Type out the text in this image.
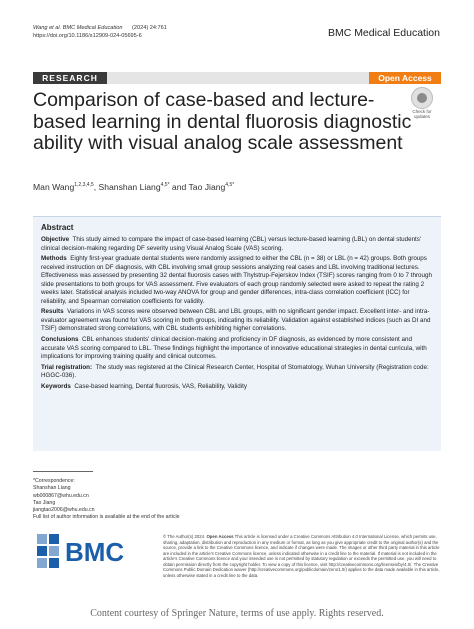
Wang et al. BMC Medical Education (2024) 24:761
https://doi.org/10.1186/s12909-024-05695-6	BMC Medical Education
RESEARCH	Open Access
Comparison of case-based and lecture-based learning in dental fluorosis diagnostic ability with visual analog scale assessment
Check for updates
Man Wang$^{1,2,3,4,5}$, Shanshan Liang$^{4,5*}$ and Tao Jiang$^{4,5*}$
Abstract

Objective This study aimed to compare the impact of case-based learning (CBL) versus lecture-based learning (LBL) on dental students' clinical decision-making regarding DF severity using Visual Analog Scale (VAS) scoring.

Methods Eighty first-year graduate dental students were randomly assigned to either the CBL (n = 38) or LBL (n = 42) groups. Both groups received instruction on DF diagnosis, with CBL involving small group sessions analyzing real cases and LBL involving traditional lectures. Effectiveness was assessed by presenting 32 dental fluorosis cases with Thylstrup-Fejerskov Index (TSIF) scores ranging from 0 to 7 through slide presentations to both groups for VAS assessment. Five evaluators of each group randomly selected were asked to repeat the rating 2 weeks later. Statistical analysis included two-way ANOVA for group and gender differences, intra-class correlation coefficient (ICC) for reliability, and Spearman correlation coefficients for validity.

Results Variations in VAS scores were observed between CBL and LBL groups, with no significant gender impact. Excellent inter- and intra-evaluator agreement was found for VAS scoring in both groups, indicating its reliability. Validation against established indices (such as DI and TSIF) demonstrated strong correlations, with CBL students exhibiting higher correlations.

Conclusions CBL enhances students' clinical decision-making and proficiency in DF diagnosis, as evidenced by more consistent and accurate VAS scoring compared to LBL. These findings highlight the importance of innovative educational strategies in dental curricula, with implications for improving training quality and clinical outcomes.

Trial registration: The study was registered at the Clinical Research Center, Hospital of Stomatology, Wuhan University (Registration code: HGGC-036).

Keywords Case-based learning, Dental fluorosis, VAS, Reliability, Validity

*Correspondence:
Shanshan Liang
wb000867@whu.edu.cn
Tao Jiang
jiangtao2006@whu.edu.cn
Full list of author information is available at the end of the article
BMC
© The Author(s) 2024. Open Access This article is licensed under a Creative Commons Attribution 4.0 International License, which permits use, sharing, adaptation, distribution and reproduction in any medium or format, as long as you give appropriate credit to the original author(s) and the source, provide a link to the Creative Commons licence, and indicate if changes were made. The images or other third party material in this article are included in the article's Creative Commons licence, unless indicated otherwise in a credit line to the material. If material is not included in the article's Creative Commons licence and your intended use is not permitted by statutory regulation or exceeds the permitted use, you will need to obtain permission directly from the copyright holder. To view a copy of this licence, visit http://creativecommons.org/licenses/by/4.0/. The Creative Commons Public Domain Dedication waiver (http://creativecommons.org/publicdomain/zero/1.0/) applies to the data made available in this article, unless otherwise stated in a credit line to the data.
Content courtesy of Springer Nature, terms of use apply. Rights reserved.
